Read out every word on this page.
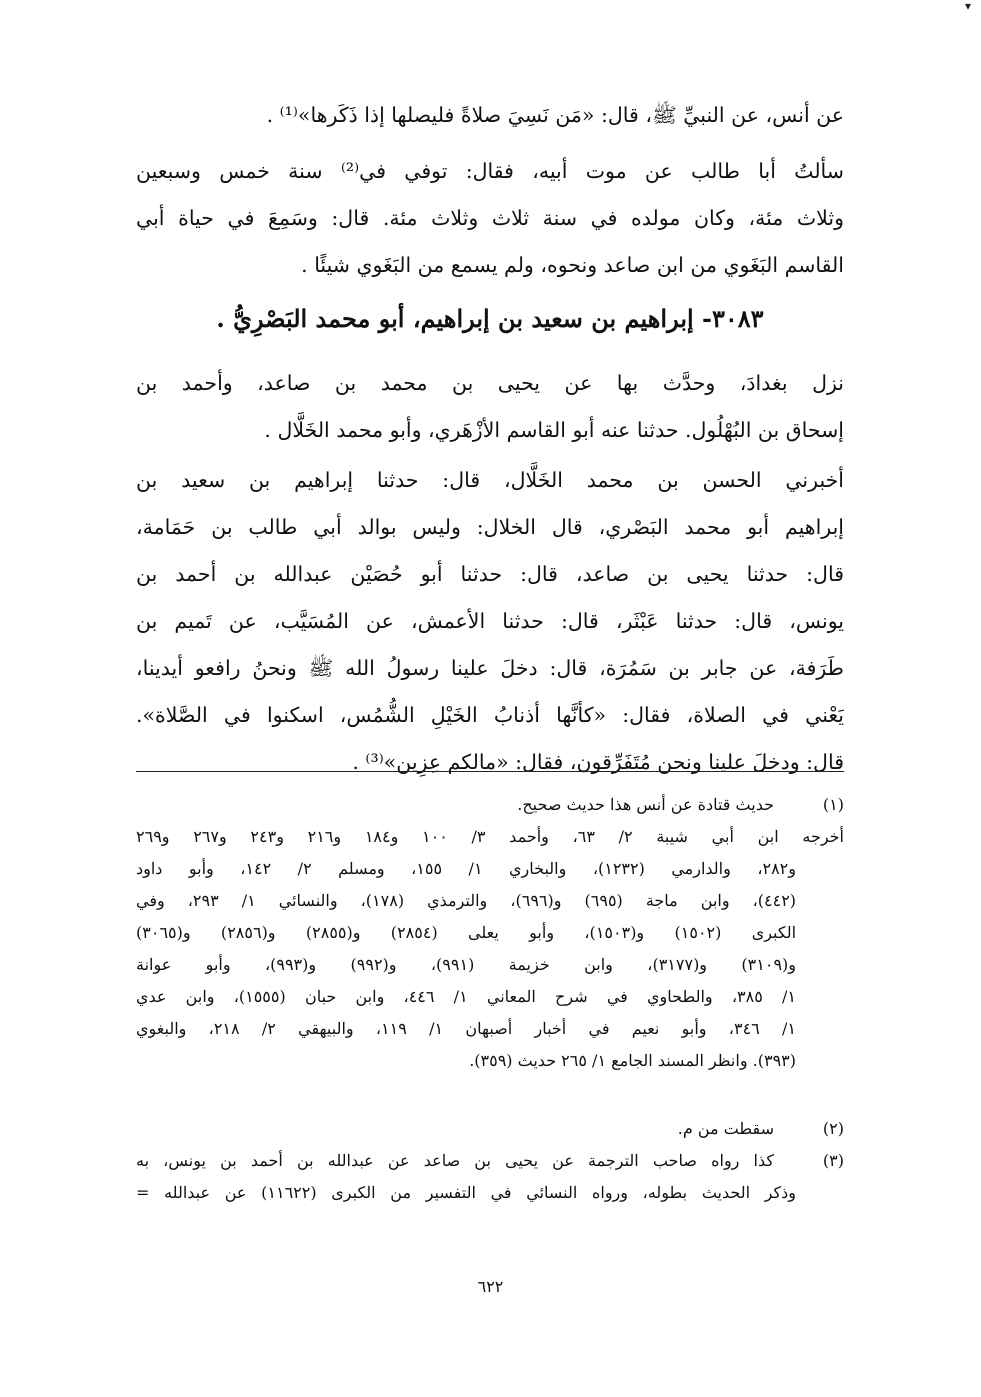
▾
عن أنس، عن النبيِّ ﷺ، قال: «مَن نَسِيَ صلاةً فليصلها إذا ذَكَرها»⁽¹⁾ .
سألتُ أبا طالب عن موت أبيه، فقال: توفي في⁽²⁾ سنة خمس وسبعين
وثلاث مئة، وكان مولده في سنة ثلاث وثلاث مئة. قال: وسَمِعَ في حياة أبي
القاسم البَغَوي من ابن صاعد ونحوه، ولم يسمع من البَغَوي شيئًا .
٣٠٨٣- إبراهيم بن سعيد بن إبراهيم، أبو محمد البَصْرِيُّ .
نزل بغدادَ، وحدَّث بها عن يحيى بن محمد بن صاعد، وأحمد بن
إسحاق بن البُهْلُول. حدثنا عنه أبو القاسم الأزْهَري، وأبو محمد الخَلَّال .
أخبرني الحسن بن محمد الخَلَّال، قال: حدثنا إبراهيم بن سعيد بن
إبراهيم أبو محمد البَصْري، قال الخلال: وليس بوالد أبي طالب بن حَمَامة،
قال: حدثنا يحيى بن صاعد، قال: حدثنا أبو حُصَيْن عبدالله بن أحمد بن
يونس، قال: حدثنا عَبْثَر، قال: حدثنا الأعمش، عن المُسَيَّب، عن تَميم بن
طَرَفة، عن جابر بن سَمُرَة، قال: دخلَ علينا رسولُ الله ﷺ ونحنُ رافعو أيدينا،
يَعْني في الصلاة، فقال: «كأنَّها أذنابُ الخَيْلِ الشُّمُس، اسكنوا في الصَّلاة».
قال: ودخلَ علينا ونحن مُتَفَرِّقون، فقال: «مالكم عِزِين»⁽³⁾ .
(١)حديث قتادة عن أنس هذا حديث صحيح.
أخرجه ابن أبي شيبة ٢/ ٦٣، وأحمد ٣/ ١٠٠ و١٨٤ و٢١٦ و٢٤٣ و٢٦٧ و٢٦٩
و٢٨٢، والدارمي (١٢٣٢)، والبخاري ١/ ١٥٥، ومسلم ٢/ ١٤٢، وأبو داود
(٤٤٢)، وابن ماجة (٦٩٥) و(٦٩٦)، والترمذي (١٧٨)، والنسائي ١/ ٢٩٣، وفي
الكبرى (١٥٠٢) و(١٥٠٣)، وأبو يعلى (٢٨٥٤) و(٢٨٥٥) و(٢٨٥٦) و(٣٠٦٥)
و(٣١٠٩) و(٣١٧٧)، وابن خزيمة (٩٩١)، و(٩٩٢) و(٩٩٣)، وأبو عوانة
١/ ٣٨٥، والطحاوي في شرح المعاني ١/ ٤٤٦، وابن حبان (١٥٥٥)، وابن عدي
١/ ٣٤٦، وأبو نعيم في أخبار أصبهان ١/ ١١٩، والبيهقي ٢/ ٢١٨، والبغوي
(٣٩٣). وانظر المسند الجامع ١/ ٢٦٥ حديث (٣٥٩).
(٢)سقطت من م.
(٣)كذا رواه صاحب الترجمة عن يحيى بن صاعد عن عبدالله بن أحمد بن يونس، به
وذكر الحديث بطوله، ورواه النسائي في التفسير من الكبرى (١١٦٢٢) عن عبدالله =
٦٢٢
